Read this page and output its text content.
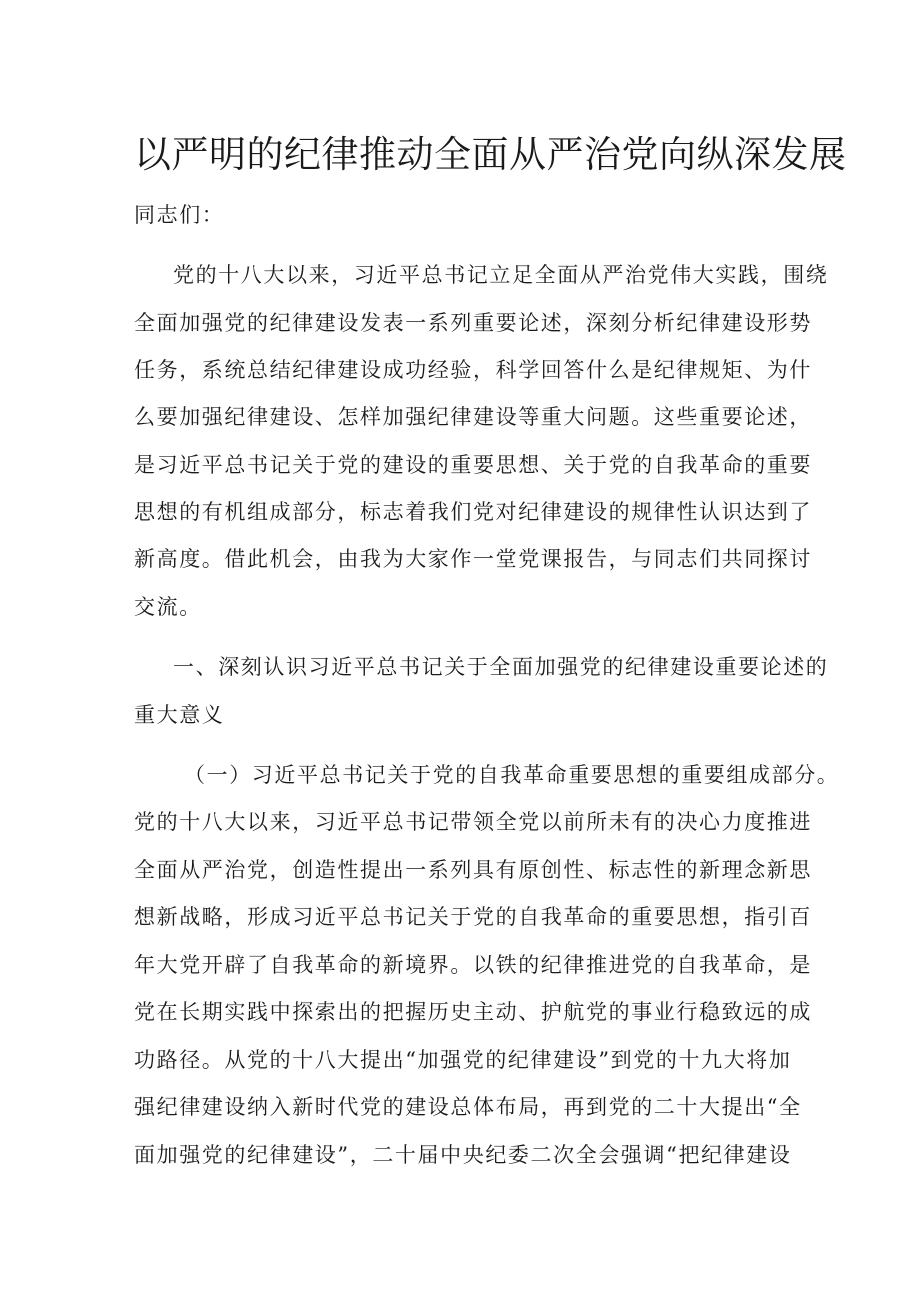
以严明的纪律推动全面从严治党向纵深发展
同志们：
党的十八大以来，习近平总书记立足全面从严治党伟大实践，围绕
全面加强党的纪律建设发表一系列重要论述，深刻分析纪律建设形势
任务，系统总结纪律建设成功经验，科学回答什么是纪律规矩、为什
么要加强纪律建设、怎样加强纪律建设等重大问题。这些重要论述，
是习近平总书记关于党的建设的重要思想、关于党的自我革命的重要
思想的有机组成部分，标志着我们党对纪律建设的规律性认识达到了
新高度。借此机会，由我为大家作一堂党课报告，与同志们共同探讨
交流。
一、深刻认识习近平总书记关于全面加强党的纪律建设重要论述的
重大意义
（一）习近平总书记关于党的自我革命重要思想的重要组成部分。
党的十八大以来，习近平总书记带领全党以前所未有的决心力度推进
全面从严治党，创造性提出一系列具有原创性、标志性的新理念新思
想新战略，形成习近平总书记关于党的自我革命的重要思想，指引百
年大党开辟了自我革命的新境界。以铁的纪律推进党的自我革命，是
党在长期实践中探索出的把握历史主动、护航党的事业行稳致远的成
功路径。从党的十八大提出“加强党的纪律建设”到党的十九大将加
强纪律建设纳入新时代党的建设总体布局，再到党的二十大提出“全
面加强党的纪律建设”，二十届中央纪委二次全会强调“把纪律建设
